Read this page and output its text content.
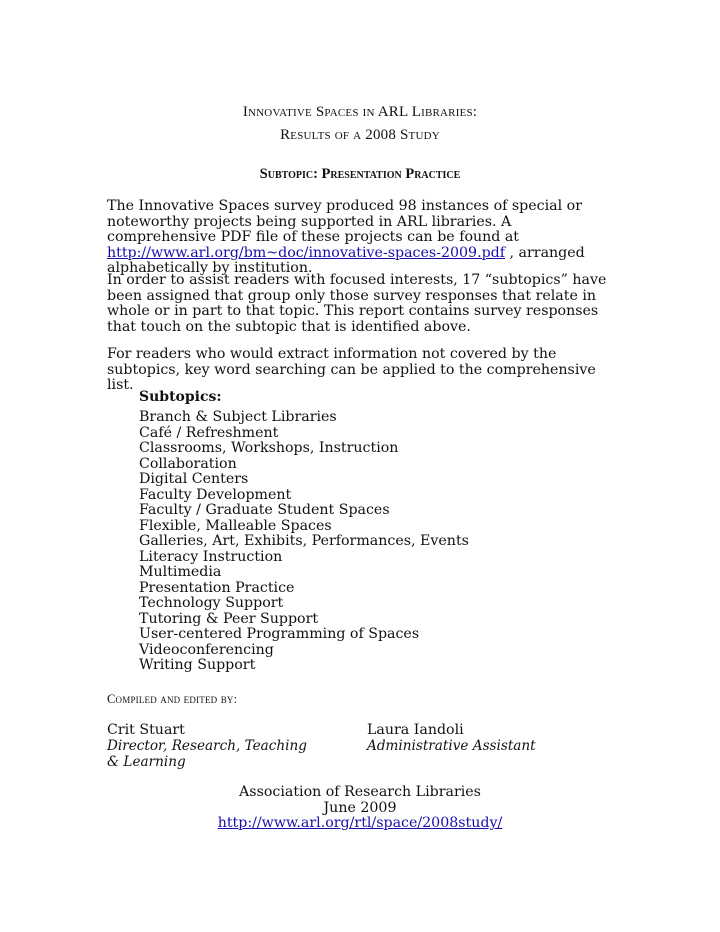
Innovative Spaces in ARL Libraries:
Results of a 2008 Study
Subtopic: Presentation Practice

The Innovative Spaces survey produced 98 instances of special or noteworthy projects being supported in ARL libraries. A comprehensive PDF file of these projects can be found at http://www.arl.org/bm~doc/innovative-spaces-2009.pdf , arranged alphabetically by institution.

In order to assist readers with focused interests, 17 “subtopics” have been assigned that group only those survey responses that relate in whole or in part to that topic. This report contains survey responses that touch on the subtopic that is identified above.

For readers who would extract information not covered by the subtopics, key word searching can be applied to the comprehensive list.

Subtopics:
Branch & Subject Libraries
Café / Refreshment
Classrooms, Workshops, Instruction
Collaboration
Digital Centers
Faculty Development
Faculty / Graduate Student Spaces
Flexible, Malleable Spaces
Galleries, Art, Exhibits, Performances, Events
Literacy Instruction
Multimedia
Presentation Practice
Technology Support
Tutoring & Peer Support
User-centered Programming of Spaces
Videoconferencing
Writing Support
Compiled and edited by:
Crit Stuart
Director, Research, Teaching & Learning
Laura Iandoli
Administrative Assistant
Association of Research Libraries
June 2009
http://www.arl.org/rtl/space/2008study/
